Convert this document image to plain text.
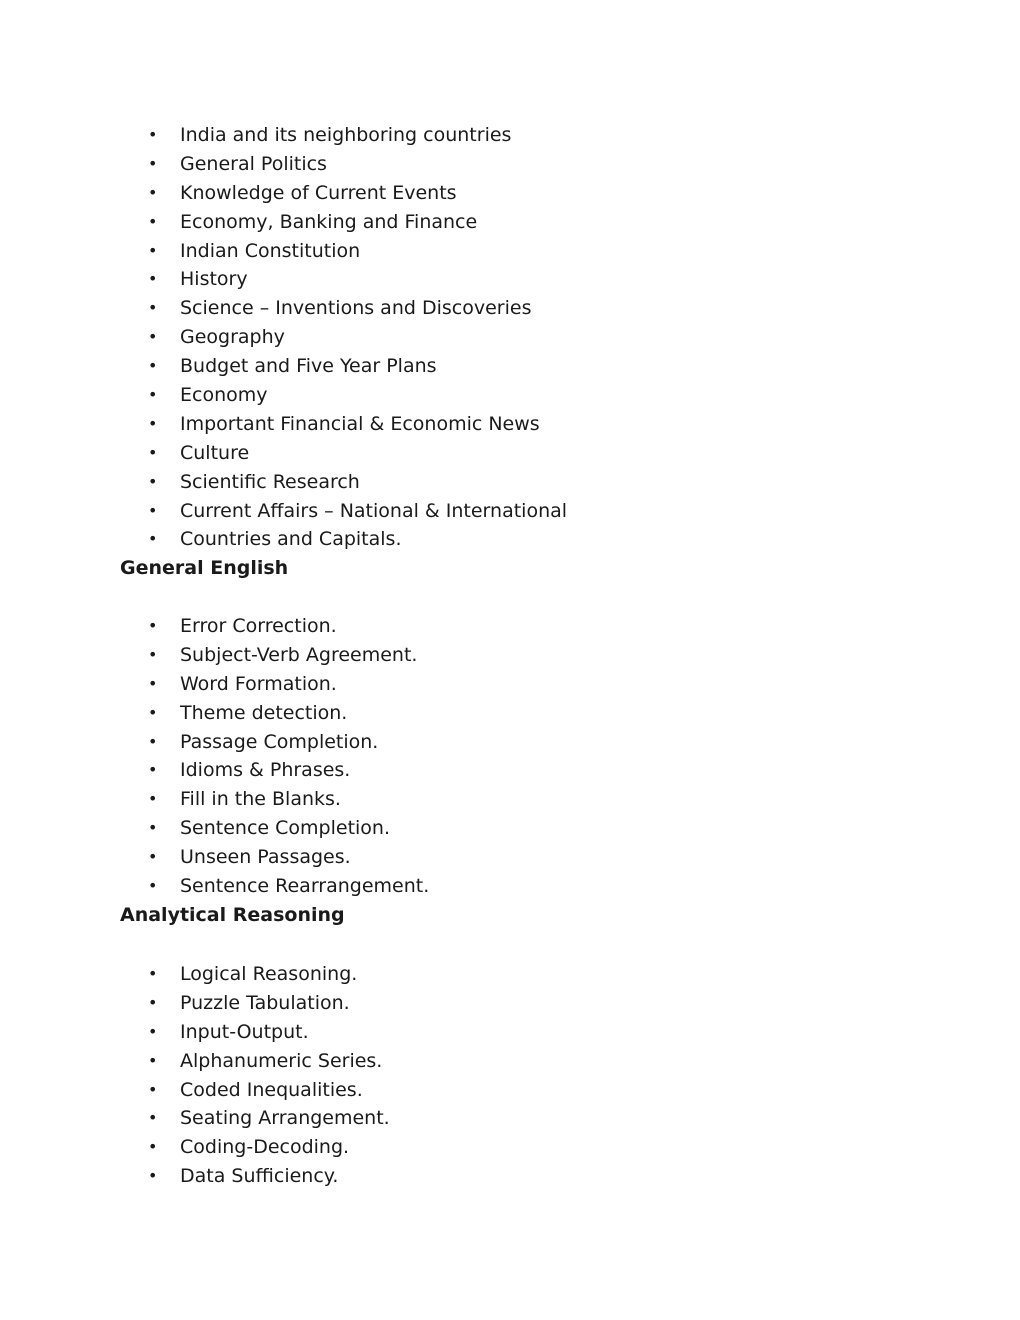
• India and its neighboring countries
• General Politics
• Knowledge of Current Events
• Economy, Banking and Finance
• Indian Constitution
• History
• Science – Inventions and Discoveries
• Geography
• Budget and Five Year Plans
• Economy
• Important Financial & Economic News
• Culture
• Scientific Research
• Current Affairs – National & International
• Countries and Capitals.
General English
• Error Correction.
• Subject-Verb Agreement.
• Word Formation.
• Theme detection.
• Passage Completion.
• Idioms & Phrases.
• Fill in the Blanks.
• Sentence Completion.
• Unseen Passages.
• Sentence Rearrangement.
Analytical Reasoning
• Logical Reasoning.
• Puzzle Tabulation.
• Input-Output.
• Alphanumeric Series.
• Coded Inequalities.
• Seating Arrangement.
• Coding-Decoding.
• Data Sufficiency.
